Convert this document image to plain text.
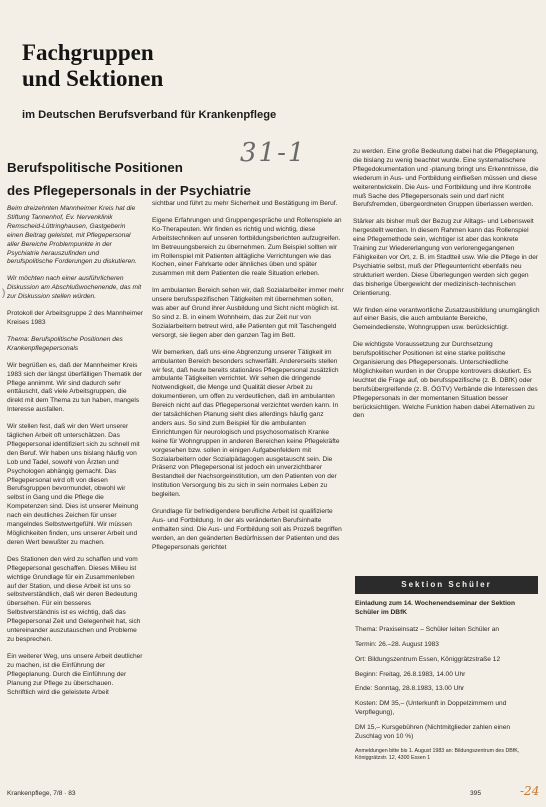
Fachgruppen
und Sektionen
im Deutschen Berufsverband für Krankenpflege
Berufspolitische Positionen
des Pflegepersonals in der Psychiatrie
31-1
)

Beim dreizehnten Mannheimer Kreis hat die Stiftung Tannenhof, Ev. Nervenklinik Remscheid-Lüttringhausen, Gastgeberin einen Beitrag geleistet, mit Pflegepersonal aller Bereiche Problempunkte in der Psychiatrie herauszufinden und berufspolitische Forderungen zu diskutieren.

Wir möchten nach einer ausführlicheren Diskussion am Abschlußwochenende, das mit zur Diskussion stellen würden.

Protokoll der Arbeitsgruppe 2 des Mannheimer Kreises 1983

Thema: Berufspolitische Positionen des Krankenpflegepersonals

Wir begrüßen es, daß der Mannheimer Kreis 1983 sich der längst überfälligen Thematik der Pflege annimmt. Wir sind dadurch sehr enttäuscht, daß viele Arbeitsgruppen, die direkt mit dem Thema zu tun haben, mangels Interesse ausfallen.

Wir stellen fest, daß wir den Wert unserer täglichen Arbeit oft unterschätzen. Das Pflegepersonal identifiziert sich zu schnell mit den Beruf. Wir haben uns bislang häufig von Lob und Tadel, sowohl von Ärzten und Psychologen abhängig gemacht. Das Pflegepersonal wird oft von diesen Berufsgruppen bevormundet, obwohl wir selbst in Gang und die Pflege die Kompetenzen sind. Dies ist unserer Meinung nach ein deutliches Zeichen für unser mangelndes Selbstwertgefühl. Wir müssen Möglichkeiten finden, uns unserer Arbeit und deren Wert bewußter zu machen.

Des Stationen den wird zu schaffen und vom Pflegepersonal geschaffen. Dieses Milieu ist wichtige Grundlage für ein Zusammenleben auf der Station, und diese Arbeit ist uns so selbstverständlich, daß wir deren Bedeutung übersehen. Für ein besseres Selbstverständnis ist es wichtig, daß das Pflegepersonal Zeit und Gelegenheit hat, sich untereinander auszutauschen und Probleme zu besprechen.

Ein weiterer Weg, uns unsere Arbeit deutlicher zu machen, ist die Einführung der Pflegeplanung. Durch die Einführung der Planung zur Pflege zu überschauen. Schriftlich wird die geleistete Arbeit

sichtbar und führt zu mehr Sicherheit und Bestätigung im Beruf.

Eigene Erfahrungen und Gruppengespräche und Rollenspiele an Ko-Therapeuten. Wir finden es richtig und wichtig, diese Arbeitstechniken auf unseren fortbildungsberichten aufzugreifen. Im Betreuungsbereich zu übernehmen. Zum Beispiel sollten wir im Rollenspiel mit Patienten alltägliche Verrichtungen wie das Kochen, einer Fahrkarte oder ähnliches üben und später zusammen mit dem Patienten die reale Situation erleben.

Im ambulanten Bereich sehen wir, daß Sozialarbeiter immer mehr unsere berufsspezifischen Tätigkeiten mit übernehmen sollen, was aber auf Grund ihrer Ausbildung und Sicht nicht möglich ist. So sind z. B. in einem Wohnheim, das zur Zeit nur von Sozialarbeitern betreut wird, alle Patienten gut mit Taschengeld versorgt, sie liegen aber den ganzen Tag im Bett.

Wir bemerken, daß uns eine Abgrenzung unserer Tätigkeit im ambulanten Bereich besonders schwerfällt. Andererseits stellen wir fest, daß heute bereits stationäres Pflegepersonal zusätzlich ambulante Tätigkeiten verrichtet. Wir sehen die dringende Notwendigkeit, die Menge und Qualität dieser Arbeit zu dokumentieren, um offen zu verdeutlichen, daß im ambulanten Bereich nicht auf das Pflegepersonal verzichtet werden kann. In der tatsächlichen Planung sieht dies allerdings häufig ganz anders aus. So sind zum Beispiel für die ambulanten Einrichtungen für neurologisch und psychosomatisch Kranke keine für Wohngruppen in anderen Bereichen keine Pflegekräfte vorgesehen bzw. sollen in einigen Aufgabenfeldern mit Sozialarbeitern oder Sozialpädagogen ausgetauscht sein. Die Präsenz von Pflegepersonal ist jedoch ein unverzichtbarer Bestandteil der Nachsorgeinstitution, um den Patienten von der Institution Versorgung bis zu sich in sein normales Leben zu begleiten.

Grundlage für befriedigendere berufliche Arbeit ist qualifizierte Aus- und Fortbildung. In der als veränderten Berufsinhalte enthalten sind. Die Aus- und Fortbildung soll als Prozeß begriffen werden, an den geänderten Bedürfnissen der Patienten und des Pflegepersonals gerichtet

zu werden. Eine große Bedeutung dabei hat die Pflegeplanung, die bislang zu wenig beachtet wurde. Eine systematischere Pflegedokumentation und -planung bringt uns Erkenntnisse, die wiederum in Aus- und Fortbildung einfließen müssen und diese weiterentwickeln. Die Aus- und Fortbildung und ihre Kontrolle muß Sache des Pflegepersonals sein und darf nicht Berufsfremden, übergeordneten Gruppen überlassen werden.

Stärker als bisher muß der Bezug zur Alltags- und Lebenswelt hergestellt werden. In diesem Rahmen kann das Rollenspiel eine Pflegemethode sein, wichtiger ist aber das konkrete Training zur Wiedererlangung von verlorengegangenen Fähigkeiten vor Ort, z. B. im Stadtteil usw. Wie die Pflege in der Psychiatrie selbst, muß der Pflegeunterricht ebenfalls neu strukturiert werden. Diese Überlegungen werden sich gegen das bisherige Übergewicht der medizinisch-technischen Orientierung.

Wir finden eine verantwortliche Zusatzausbildung unumgänglich auf einer Basis, die auch ambulante Bereiche, Gemeindedienste, Wohngruppen usw. berücksichtigt.

Die wichtigste Voraussetzung zur Durchsetzung berufspolitischer Positionen ist eine starke politische Organisierung des Pflegepersonals. Unterschiedliche Möglichkeiten wurden in der Gruppe kontrovers diskutiert. Es leuchtet die Frage auf, ob berufsspezifische (z. B. DBfK) oder berufsübergreifende (z. B. ÖGTV) Verbände die Interessen des Pflegepersonals in der momentanen Situation besser berücksichtigen. Welche Funktion haben dabei Alternativen zu den

Sektion Schüler

Einladung zum 14. Wochenendseminar der Sektion Schüler im DBfK

Thema: Praxiseinsatz – Schüler leiten Schüler an

Termin: 26.–28. August 1983

Ort: Bildungszentrum Essen, Königgrätzstraße 12

Beginn: Freitag, 26.8.1983, 14.00 Uhr

Ende: Sonntag, 28.8.1983, 13.00 Uhr

Kosten: DM 35,– (Unterkunft in Doppelzimmern und Verpflegung),

DM 15,– Kursgebühren (Nichtmitglieder zahlen einen Zuschlag von 10 %)

Anmeldungen bitte bis 1. August 1983 an: Bildungszentrum des DBfK, Königgrätzstr. 12, 4300 Essen 1

Krankenpflege, 7/8 · 83	395	-24
